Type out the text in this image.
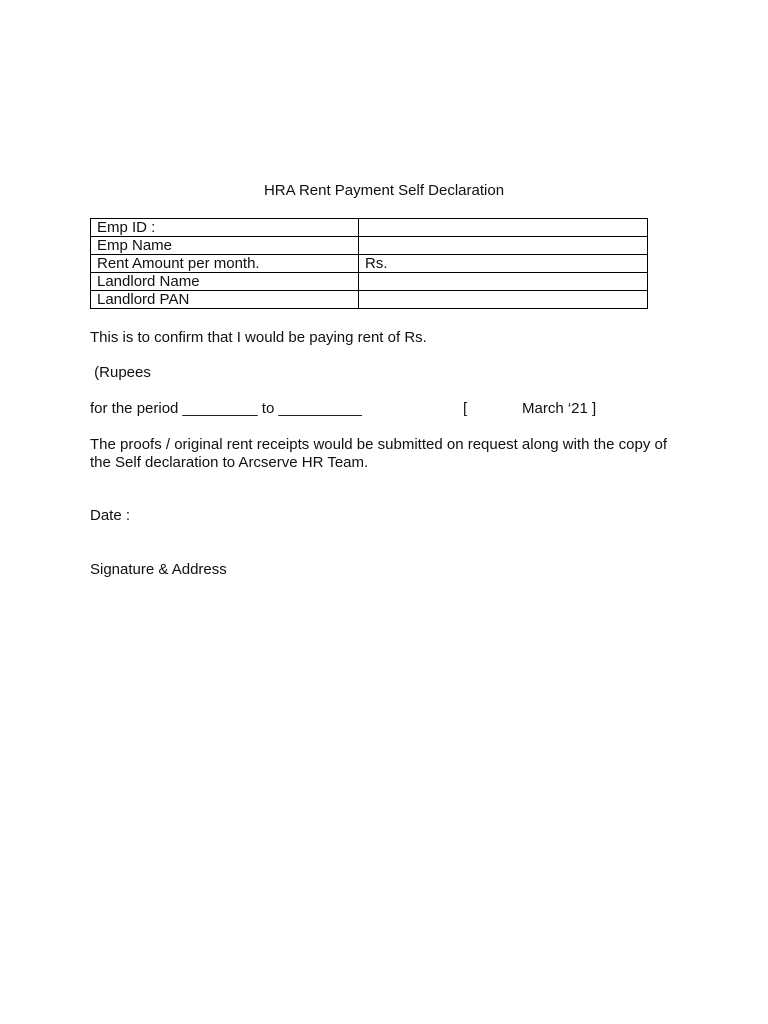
HRA Rent Payment Self Declaration
Emp ID :	
Emp Name	
Rent Amount per month.	Rs.
Landlord Name	
Landlord PAN	
This is to confirm that I would be paying rent of Rs.
(Rupees
for the period _________ to __________	[	March ‘21 ]
The proofs / original rent receipts would be submitted on request along with the copy of the Self declaration to Arcserve HR Team.
Date :
Signature & Address
